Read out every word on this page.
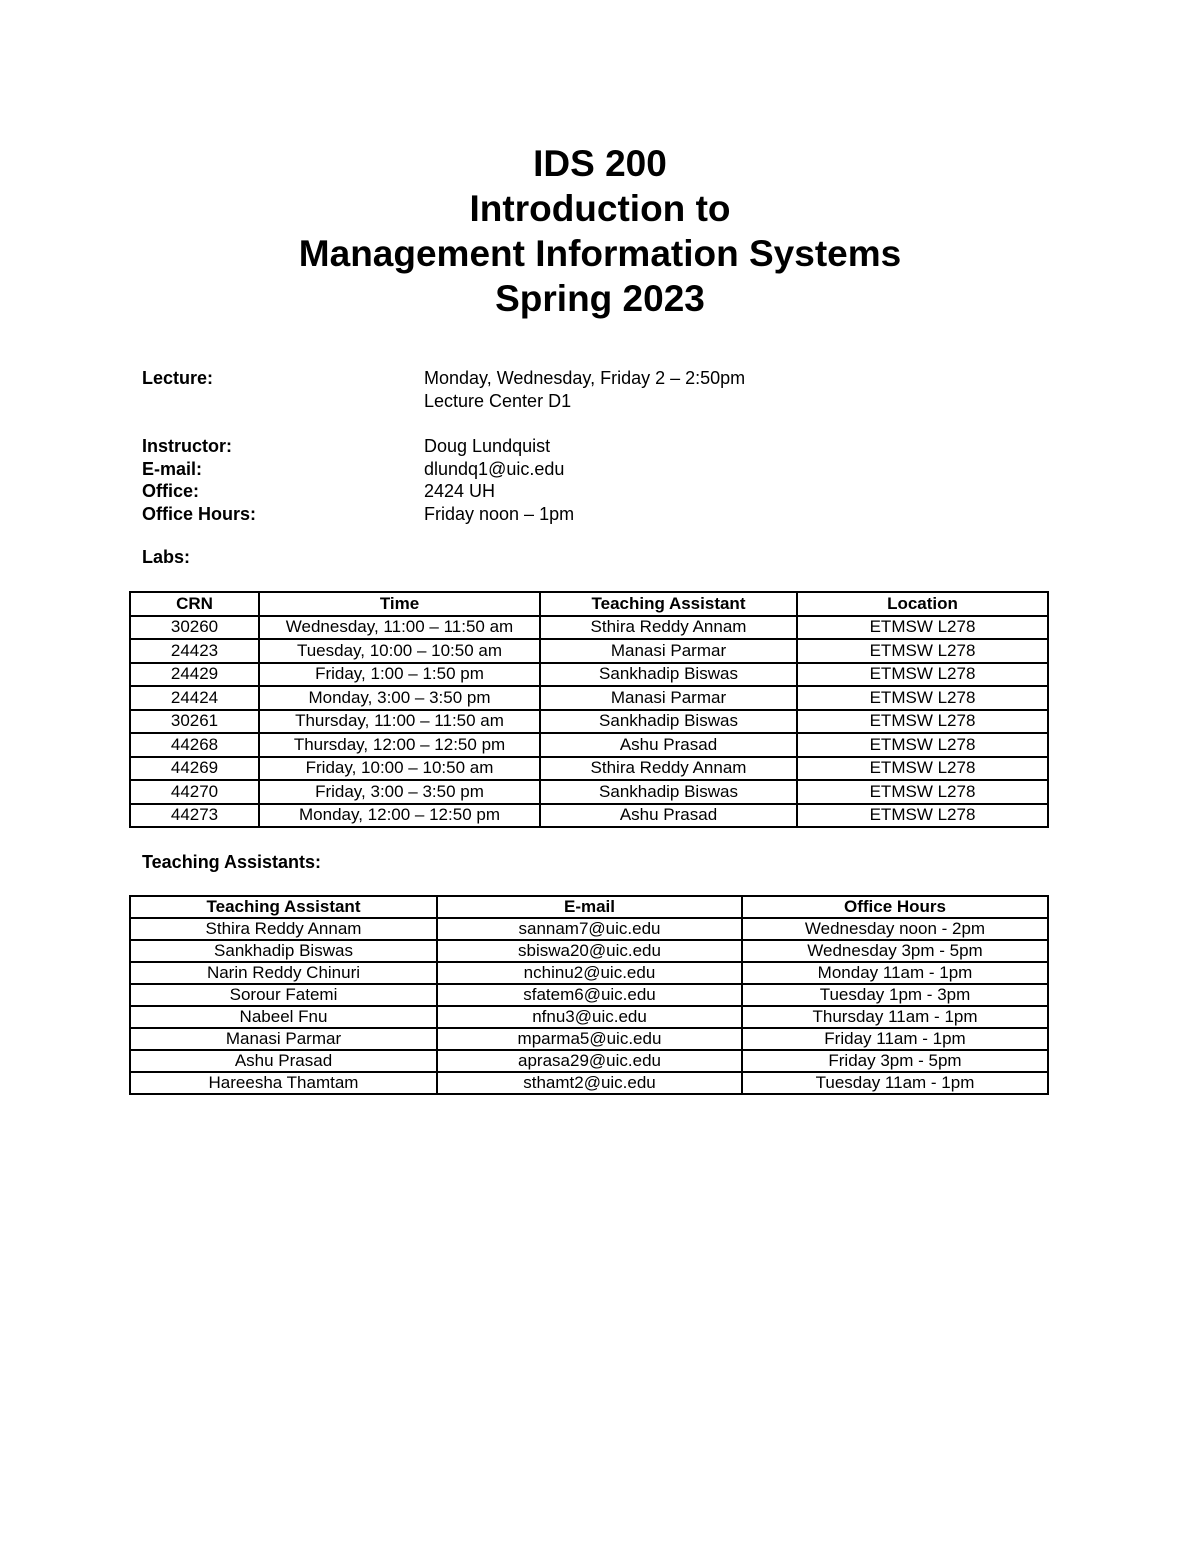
IDS 200
Introduction to
Management Information Systems
Spring 2023
Lecture:	Monday, Wednesday, Friday 2 – 2:50pm
Lecture Center D1
Instructor:	Doug Lundquist
E-mail:	dlundq1@uic.edu
Office:	2424 UH
Office Hours:	Friday noon – 1pm
Labs:
CRN	Time	Teaching Assistant	Location
30260	Wednesday, 11:00 – 11:50 am	Sthira Reddy Annam	ETMSW L278
24423	Tuesday, 10:00 – 10:50 am	Manasi Parmar	ETMSW L278
24429	Friday, 1:00 – 1:50 pm	Sankhadip Biswas	ETMSW L278
24424	Monday, 3:00 – 3:50 pm	Manasi Parmar	ETMSW L278
30261	Thursday, 11:00 – 11:50 am	Sankhadip Biswas	ETMSW L278
44268	Thursday, 12:00 – 12:50 pm	Ashu Prasad	ETMSW L278
44269	Friday, 10:00 – 10:50 am	Sthira Reddy Annam	ETMSW L278
44270	Friday, 3:00 – 3:50 pm	Sankhadip Biswas	ETMSW L278
44273	Monday, 12:00 – 12:50 pm	Ashu Prasad	ETMSW L278
Teaching Assistants:
Teaching Assistant	E-mail	Office Hours
Sthira Reddy Annam	sannam7@uic.edu	Wednesday noon - 2pm
Sankhadip Biswas	sbiswa20@uic.edu	Wednesday 3pm - 5pm
Narin Reddy Chinuri	nchinu2@uic.edu	Monday 11am - 1pm
Sorour Fatemi	sfatem6@uic.edu	Tuesday 1pm - 3pm
Nabeel Fnu	nfnu3@uic.edu	Thursday 11am - 1pm
Manasi Parmar	mparma5@uic.edu	Friday 11am - 1pm
Ashu Prasad	aprasa29@uic.edu	Friday 3pm - 5pm
Hareesha Thamtam	sthamt2@uic.edu	Tuesday 11am - 1pm
